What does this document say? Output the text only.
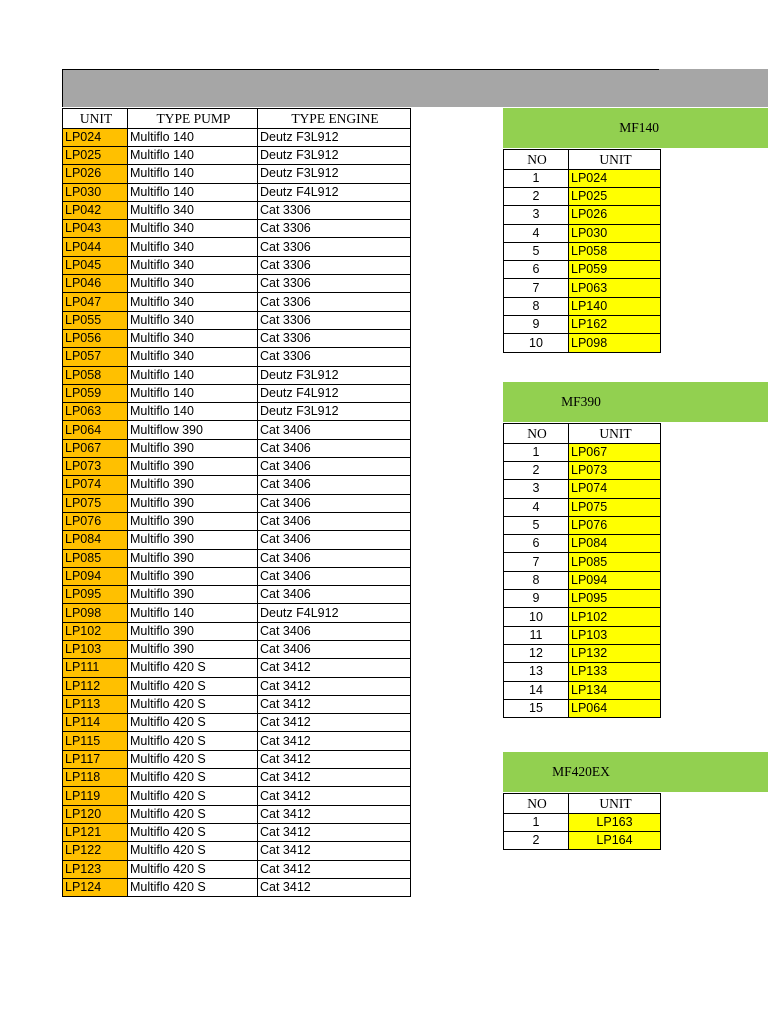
UNIT	TYPE PUMP	TYPE ENGINE
LP024	Multiflo 140	Deutz F3L912
LP025	Multiflo 140	Deutz F3L912
LP026	Multiflo 140	Deutz F3L912
LP030	Multiflo 140	Deutz F4L912
LP042	Multiflo 340	Cat 3306
LP043	Multiflo 340	Cat 3306
LP044	Multiflo 340	Cat 3306
LP045	Multiflo 340	Cat 3306
LP046	Multiflo 340	Cat 3306
LP047	Multiflo 340	Cat 3306
LP055	Multiflo 340	Cat 3306
LP056	Multiflo 340	Cat 3306
LP057	Multiflo 340	Cat 3306
LP058	Multiflo 140	Deutz F3L912
LP059	Multiflo 140	Deutz F4L912
LP063	Multiflo 140	Deutz F3L912
LP064	Multiflow 390	Cat 3406
LP067	Multiflo 390	Cat 3406
LP073	Multiflo 390	Cat 3406
LP074	Multiflo 390	Cat 3406
LP075	Multiflo 390	Cat 3406
LP076	Multiflo 390	Cat 3406
LP084	Multiflo 390	Cat 3406
LP085	Multiflo 390	Cat 3406
LP094	Multiflo 390	Cat 3406
LP095	Multiflo 390	Cat 3406
LP098	Multiflo 140	Deutz F4L912
LP102	Multiflo 390	Cat 3406
LP103	Multiflo 390	Cat 3406
LP111	Multiflo 420 S	Cat 3412
LP112	Multiflo 420 S	Cat 3412
LP113	Multiflo 420 S	Cat 3412
LP114	Multiflo 420 S	Cat 3412
LP115	Multiflo 420 S	Cat 3412
LP117	Multiflo 420 S	Cat 3412
LP118	Multiflo 420 S	Cat 3412
LP119	Multiflo 420 S	Cat 3412
LP120	Multiflo 420 S	Cat 3412
LP121	Multiflo 420 S	Cat 3412
LP122	Multiflo 420 S	Cat 3412
LP123	Multiflo 420 S	Cat 3412
LP124	Multiflo 420 S	Cat 3412
MF140
NO	UNIT
1	LP024
2	LP025
3	LP026
4	LP030
5	LP058
6	LP059
7	LP063
8	LP140
9	LP162
10	LP098
MF390
NO	UNIT
1	LP067
2	LP073
3	LP074
4	LP075
5	LP076
6	LP084
7	LP085
8	LP094
9	LP095
10	LP102
11	LP103
12	LP132
13	LP133
14	LP134
15	LP064
MF420EX
NO	UNIT
1	LP163
2	LP164
